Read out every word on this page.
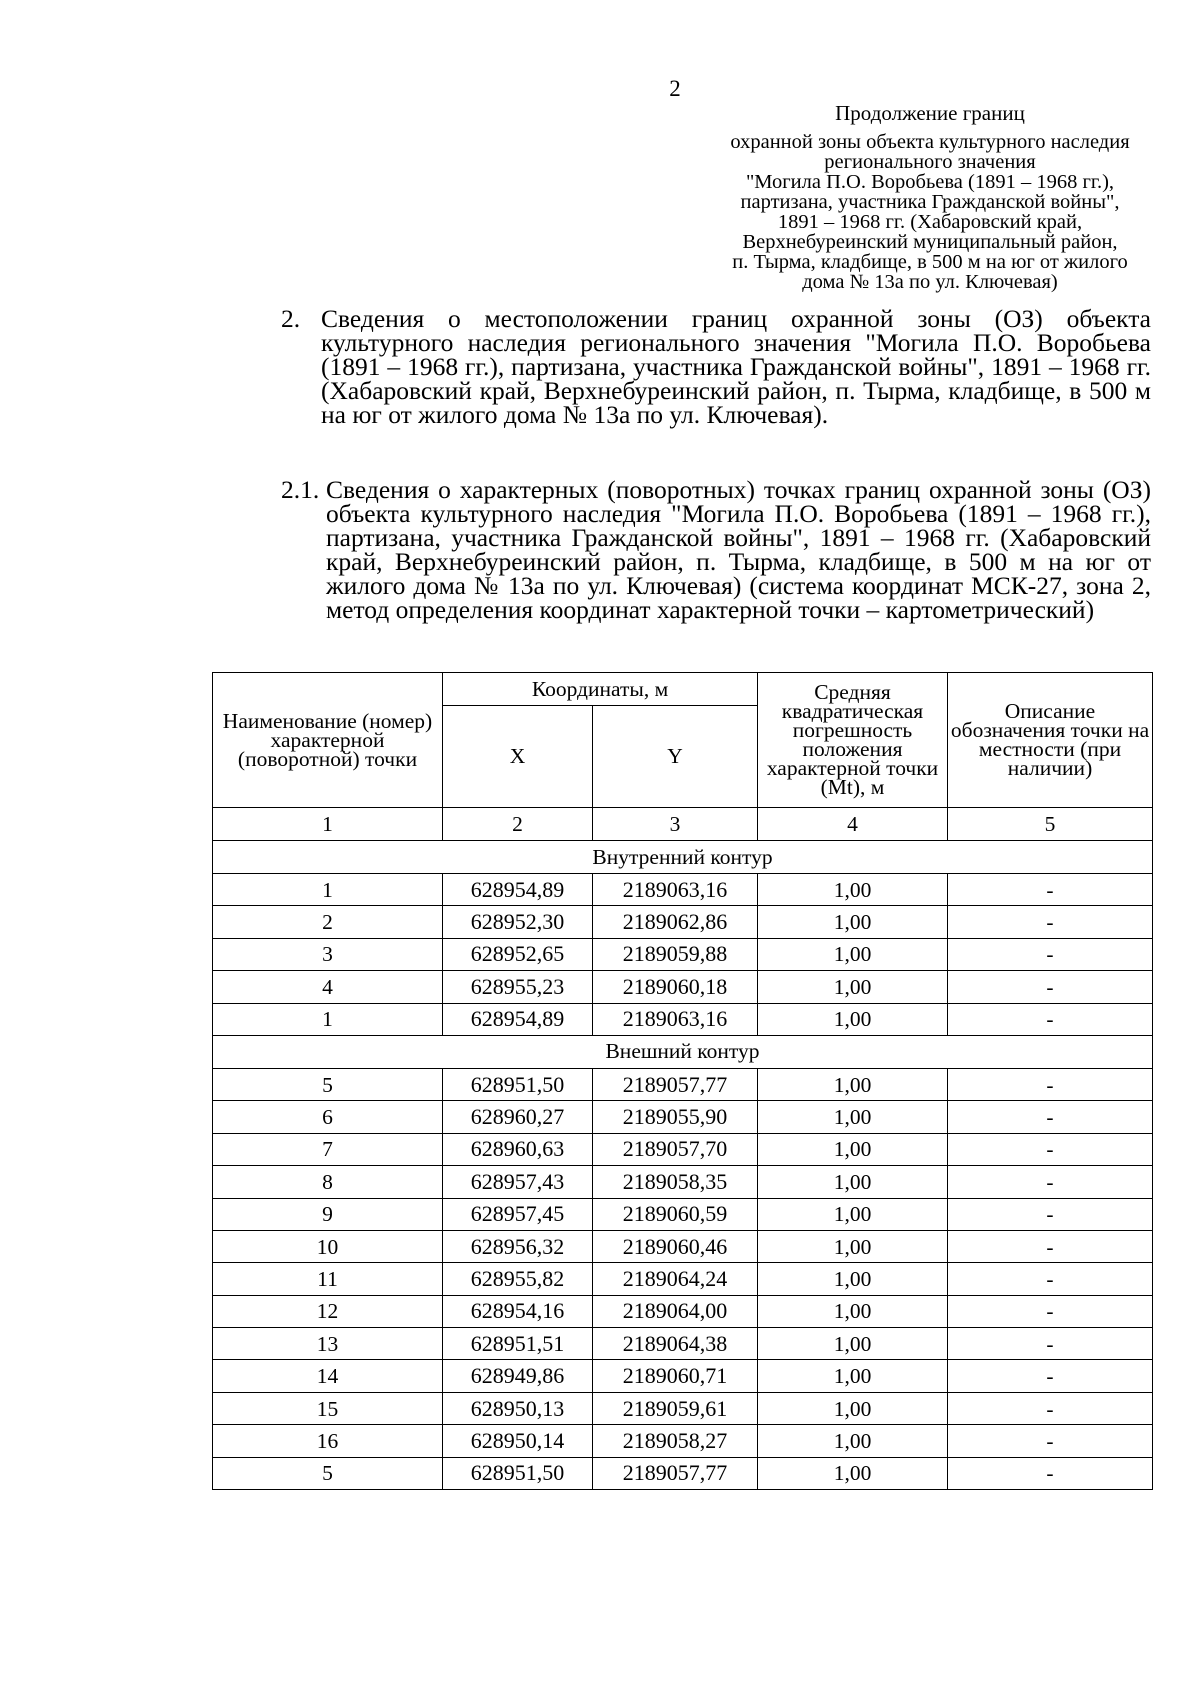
2
Продолжение границ
охранной зоны объекта культурного наследия
регионального значения
"Могила П.О. Воробьева (1891 – 1968 гг.),
партизана, участника Гражданской войны",
1891 – 1968 гг. (Хабаровский край,
Верхнебуреинский муниципальный район,
п. Тырма, кладбище, в 500 м на юг от жилого
дома № 13а по ул. Ключевая)
2. Сведения о местоположении границ охранной зоны (ОЗ) объекта культурного наследия регионального значения "Могила П.О. Воробьева (1891 – 1968 гг.), партизана, участника Гражданской войны", 1891 – 1968 гг. (Хабаровский край, Верхнебуреинский район, п. Тырма, кладбище, в 500 м на юг от жилого дома № 13а по ул. Ключевая).
2.1. Сведения о характерных (поворотных) точках границ охранной зоны (ОЗ) объекта культурного наследия "Могила П.О. Воробьева (1891 – 1968 гг.), партизана, участника Гражданской войны", 1891 – 1968 гг. (Хабаровский край, Верхнебуреинский район, п. Тырма, кладбище, в 500 м на юг от жилого дома № 13а по ул. Ключевая) (система координат МСК-27, зона 2, метод определения координат характерной точки – картометрический)
Наименование (номер) характерной (поворотной) точки	Координаты, м		Средняя квадратическая погрешность положения характерной точки (Mt), м	Описание обозначения точки на местности (при наличии)
	X	Y		
1	2	3	4	5
Внутренний контур				
1	628954,89	2189063,16	1,00	-
2	628952,30	2189062,86	1,00	-
3	628952,65	2189059,88	1,00	-
4	628955,23	2189060,18	1,00	-
1	628954,89	2189063,16	1,00	-
Внешний контур				
5	628951,50	2189057,77	1,00	-
6	628960,27	2189055,90	1,00	-
7	628960,63	2189057,70	1,00	-
8	628957,43	2189058,35	1,00	-
9	628957,45	2189060,59	1,00	-
10	628956,32	2189060,46	1,00	-
11	628955,82	2189064,24	1,00	-
12	628954,16	2189064,00	1,00	-
13	628951,51	2189064,38	1,00	-
14	628949,86	2189060,71	1,00	-
15	628950,13	2189059,61	1,00	-
16	628950,14	2189058,27	1,00	-
5	628951,50	2189057,77	1,00	-
